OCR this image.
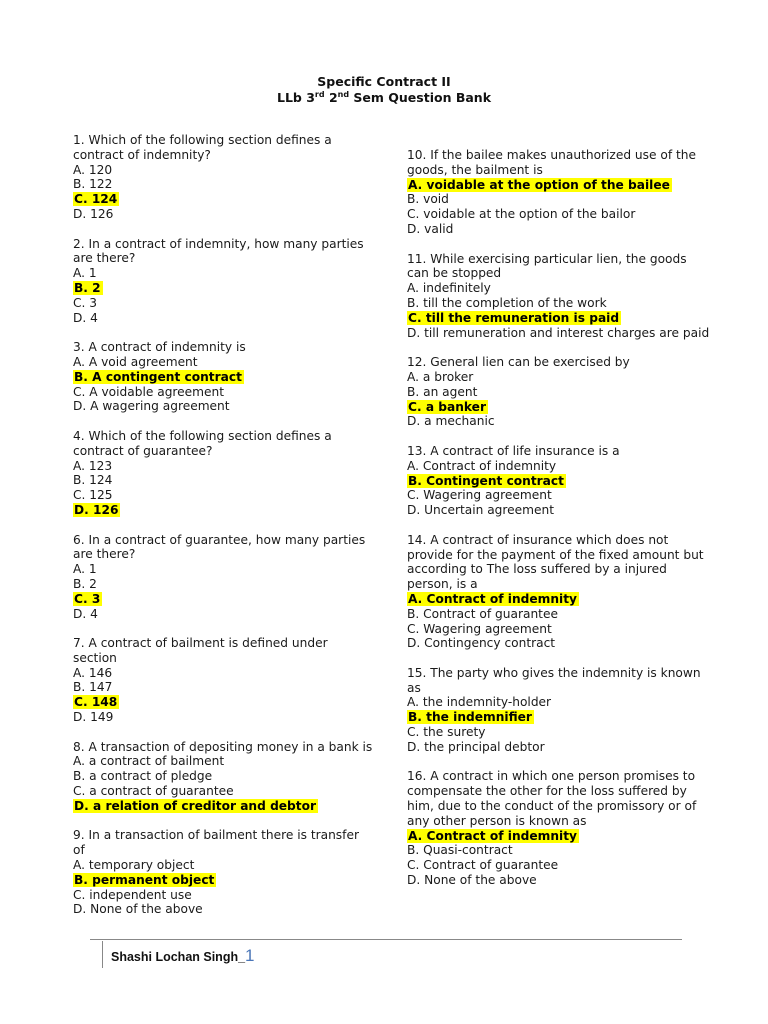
Specific Contract II
LLb 3rd 2nd Sem Question Bank
1. Which of the following section defines a contract of indemnity?
A. 120
B. 122
C. 124
D. 126
2. In a contract of indemnity, how many parties are there?
A. 1
B. 2
C. 3
D. 4
3. A contract of indemnity is
A. A void agreement
B. A contingent contract
C. A voidable agreement
D. A wagering agreement
4. Which of the following section defines a contract of guarantee?
A. 123
B. 124
C. 125
D. 126
6. In a contract of guarantee, how many parties are there?
A. 1
B. 2
C. 3
D. 4
7. A contract of bailment is defined under section
A. 146
B. 147
C. 148
D. 149
8. A transaction of depositing money in a bank is
A. a contract of bailment
B. a contract of pledge
C. a contract of guarantee
D. a relation of creditor and debtor
9. In a transaction of bailment there is transfer of
A. temporary object
B. permanent object
C. independent use
D. None of the above
10. If the bailee makes unauthorized use of the goods, the bailment is
A. voidable at the option of the bailee
B. void
C. voidable at the option of the bailor
D. valid
11. While exercising particular lien, the goods can be stopped
A. indefinitely
B. till the completion of the work
C. till the remuneration is paid
D. till remuneration and interest charges are paid
12. General lien can be exercised by
A. a broker
B. an agent
C. a banker
D. a mechanic
13. A contract of life insurance is a
A. Contract of indemnity
B. Contingent contract
C. Wagering agreement
D. Uncertain agreement
14. A contract of insurance which does not provide for the payment of the fixed amount but according to The loss suffered by a injured person, is a
A. Contract of indemnity
B. Contract of guarantee
C. Wagering agreement
D. Contingency contract
15. The party who gives the indemnity is known as
A. the indemnity-holder
B. the indemnifier
C. the surety
D. the principal debtor
16. A contract in which one person promises to compensate the other for the loss suffered by him, due to the conduct of the promissory or of any other person is known as
A. Contract of indemnity
B. Quasi-contract
C. Contract of guarantee
D. None of the above
Shashi Lochan Singh_1
